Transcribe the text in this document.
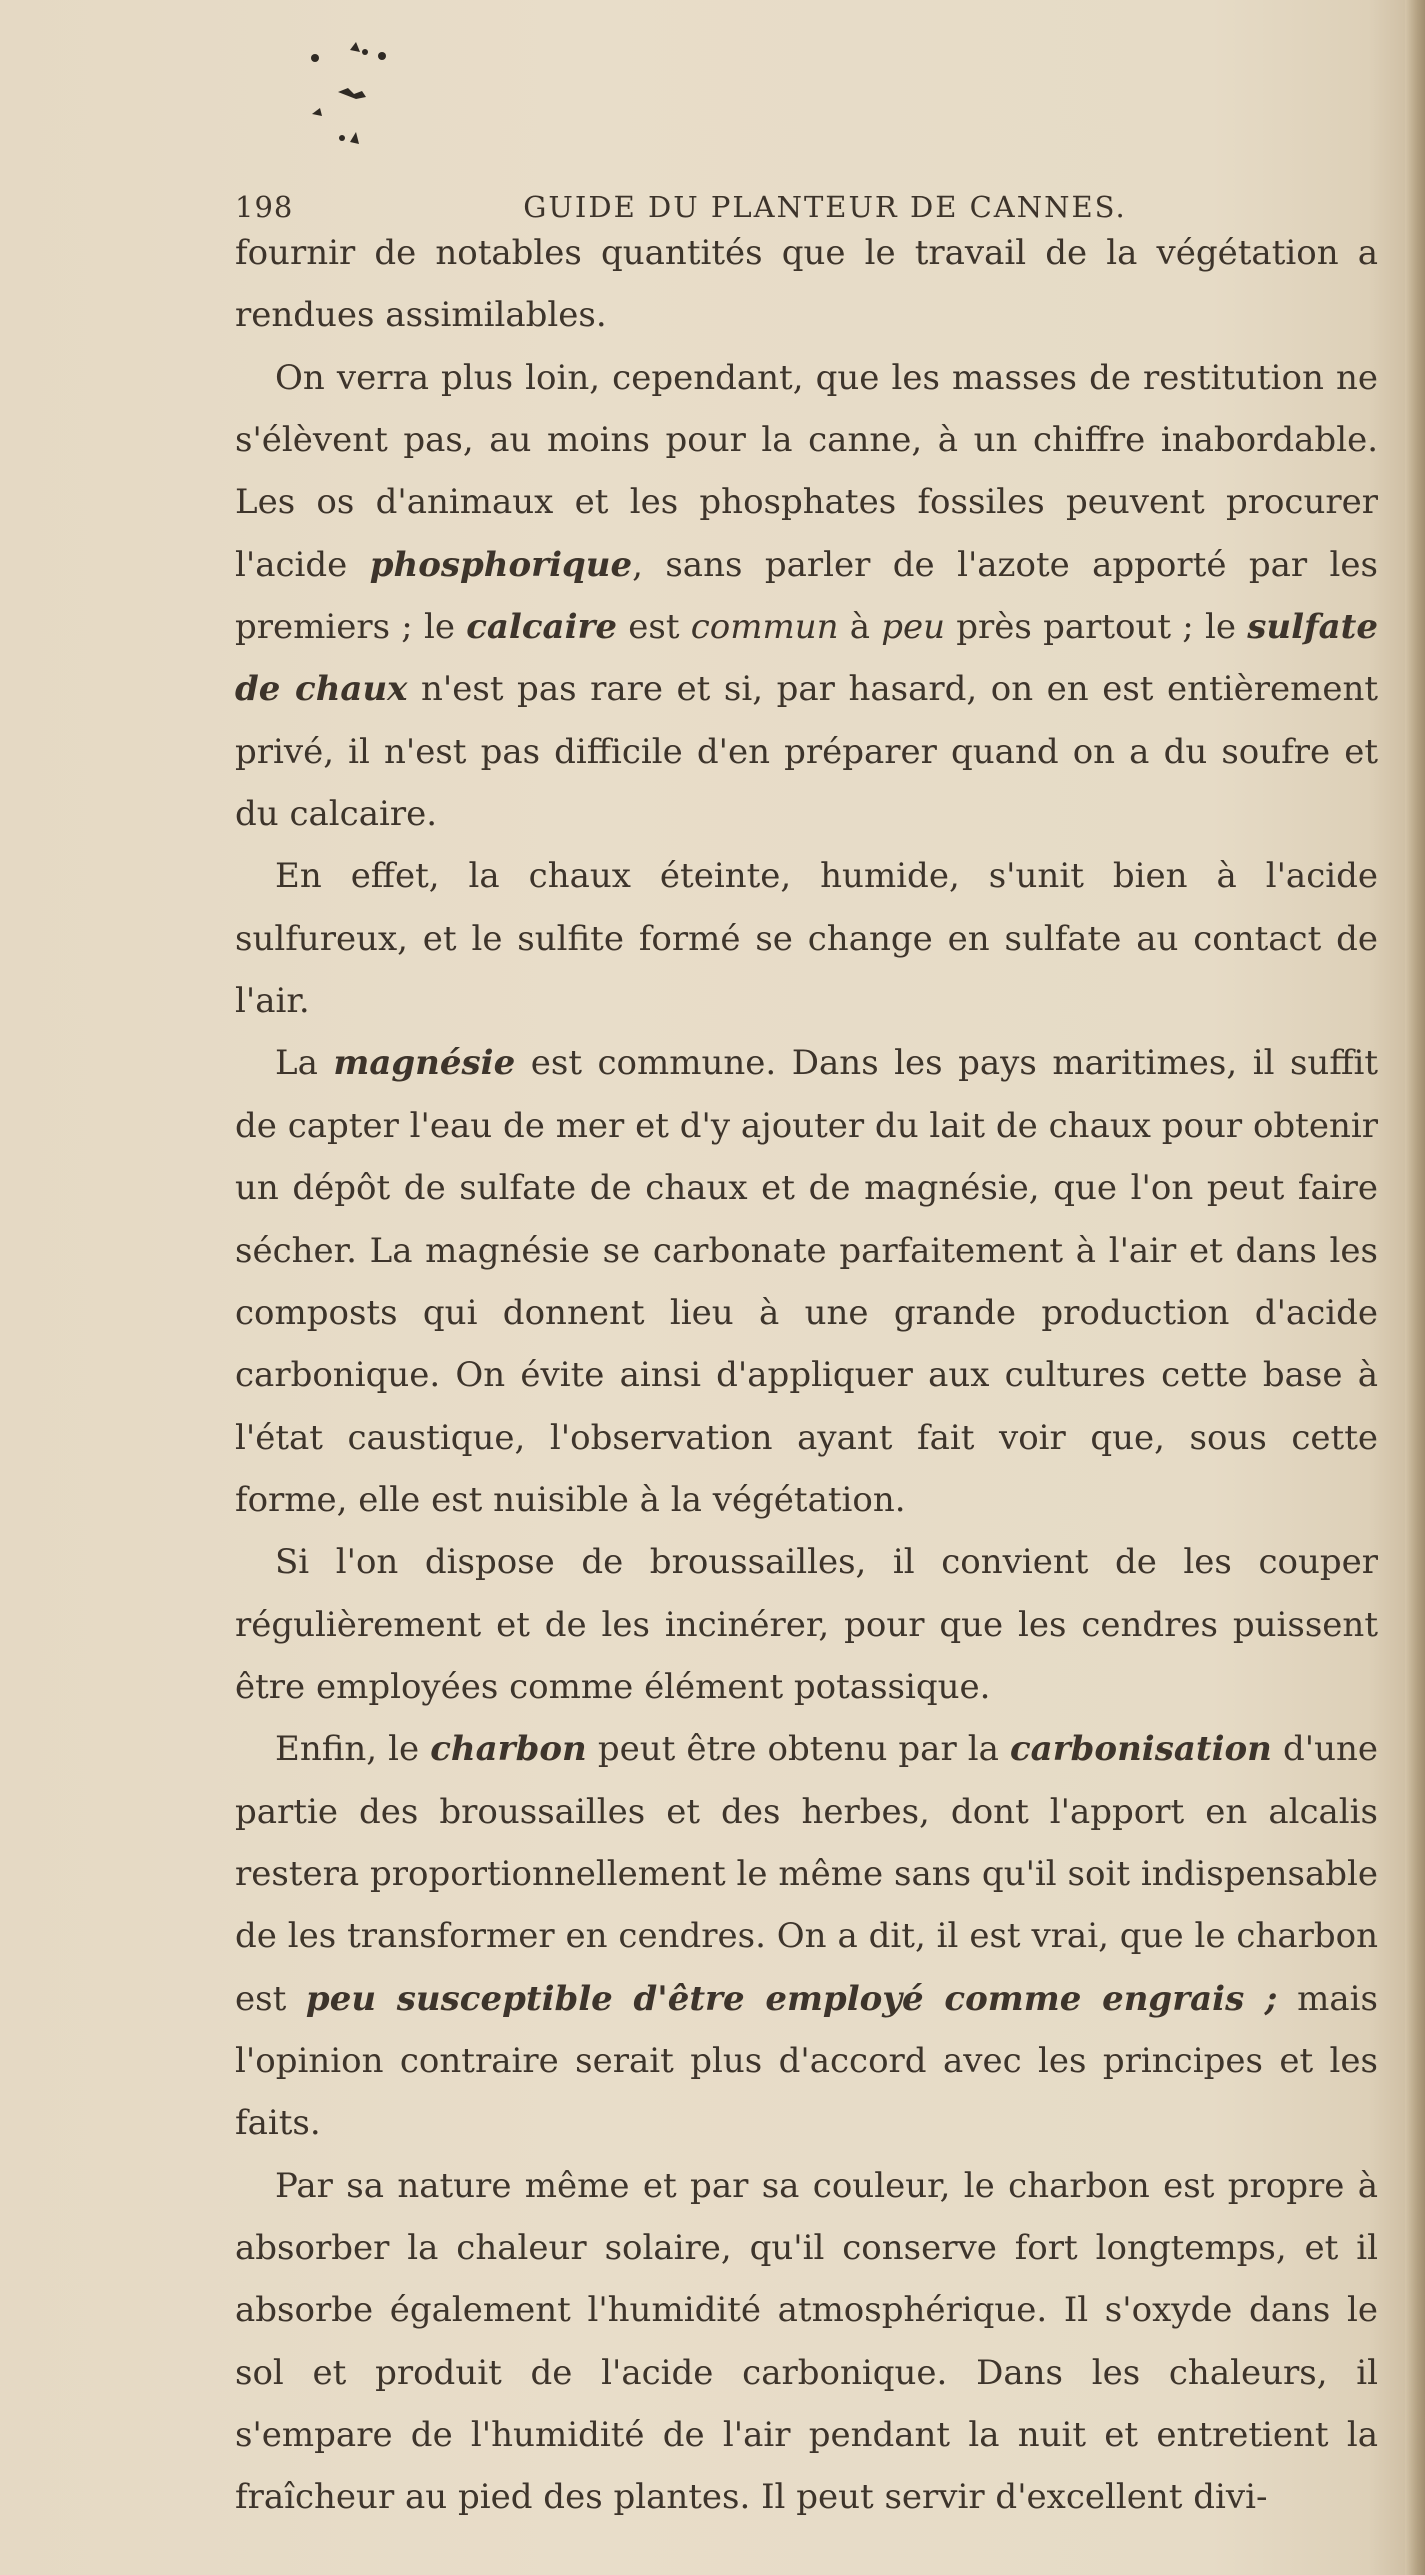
198	GUIDE DU PLANTEUR DE CANNES.

fournir de notables quantités que le travail de la végétation a rendues assimilables.

On verra plus loin, cependant, que les masses de restitution ne s'élèvent pas, au moins pour la canne, à un chiffre inabordable. Les os d'animaux et les phosphates fossiles peuvent procurer l'acide phosphorique, sans parler de l'azote apporté par les premiers ; le calcaire est commun à peu près partout ; le sulfate de chaux n'est pas rare et si, par hasard, on en est entièrement privé, il n'est pas difficile d'en préparer quand on a du soufre et du calcaire.

En effet, la chaux éteinte, humide, s'unit bien à l'acide sulfureux, et le sulfite formé se change en sulfate au contact de l'air.

La magnésie est commune. Dans les pays maritimes, il suffit de capter l'eau de mer et d'y ajouter du lait de chaux pour obtenir un dépôt de sulfate de chaux et de magnésie, que l'on peut faire sécher. La magnésie se carbonate parfaitement à l'air et dans les composts qui donnent lieu à une grande production d'acide carbonique. On évite ainsi d'appliquer aux cultures cette base à l'état caustique, l'observation ayant fait voir que, sous cette forme, elle est nuisible à la végétation.

Si l'on dispose de broussailles, il convient de les couper régulièrement et de les incinérer, pour que les cendres puissent être employées comme élément potassique.

Enfin, le charbon peut être obtenu par la carbonisation d'une partie des broussailles et des herbes, dont l'apport en alcalis restera proportionnellement le même sans qu'il soit indispensable de les transformer en cendres. On a dit, il est vrai, que le charbon est peu susceptible d'être employé comme engrais ; mais l'opinion contraire serait plus d'accord avec les principes et les faits.

Par sa nature même et par sa couleur, le charbon est propre à absorber la chaleur solaire, qu'il conserve fort longtemps, et il absorbe également l'humidité atmosphérique. Il s'oxyde dans le sol et produit de l'acide carbonique. Dans les chaleurs, il s'empare de l'humidité de l'air pendant la nuit et entretient la fraîcheur au pied des plantes. Il peut servir d'excellent divi-
